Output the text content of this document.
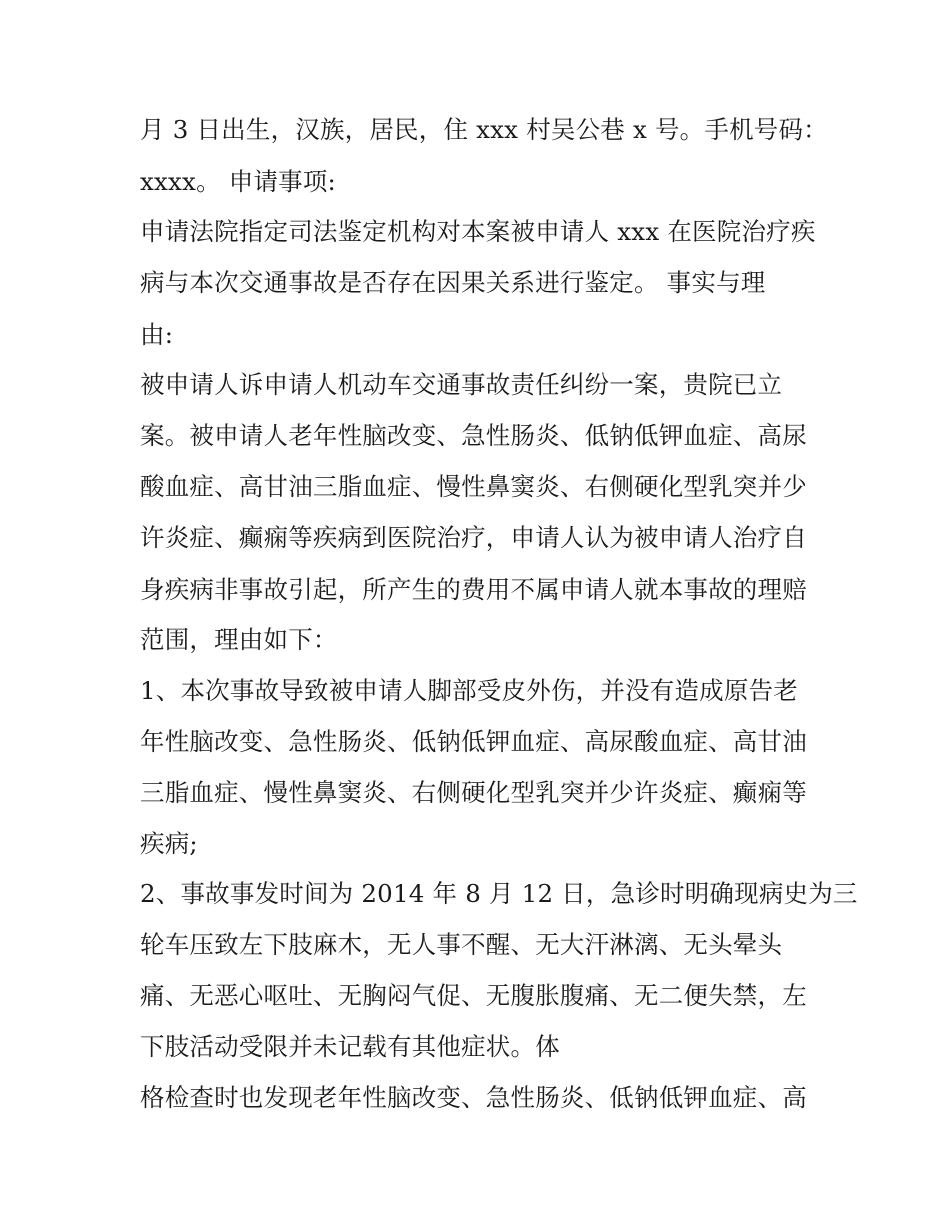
月 3 日出生，汉族，居民，住 xxx 村吴公巷 x 号。手机号码：
xxxx。 申请事项:
申请法院指定司法鉴定机构对本案被申请人 xxx 在医院治疗疾
病与本次交通事故是否存在因果关系进行鉴定。 事实与理
由:
被申请人诉申请人机动车交通事故责任纠纷一案，贵院已立
案。被申请人老年性脑改变、急性肠炎、低钠低钾血症、高尿
酸血症、高甘油三脂血症、慢性鼻窦炎、右侧硬化型乳突并少
许炎症、癫痫等疾病到医院治疗，申请人认为被申请人治疗自
身疾病非事故引起，所产生的费用不属申请人就本事故的理赔
范围，理由如下：
1、本次事故导致被申请人脚部受皮外伤，并没有造成原告老
年性脑改变、急性肠炎、低钠低钾血症、高尿酸血症、高甘油
三脂血症、慢性鼻窦炎、右侧硬化型乳突并少许炎症、癫痫等
疾病;
2、事故事发时间为 2014 年 8 月 12 日，急诊时明确现病史为三
轮车压致左下肢麻木，无人事不醒、无大汗淋漓、无头晕头
痛、无恶心呕吐、无胸闷气促、无腹胀腹痛、无二便失禁，左
下肢活动受限并未记载有其他症状。体
格检查时也发现老年性脑改变、急性肠炎、低钠低钾血症、高
